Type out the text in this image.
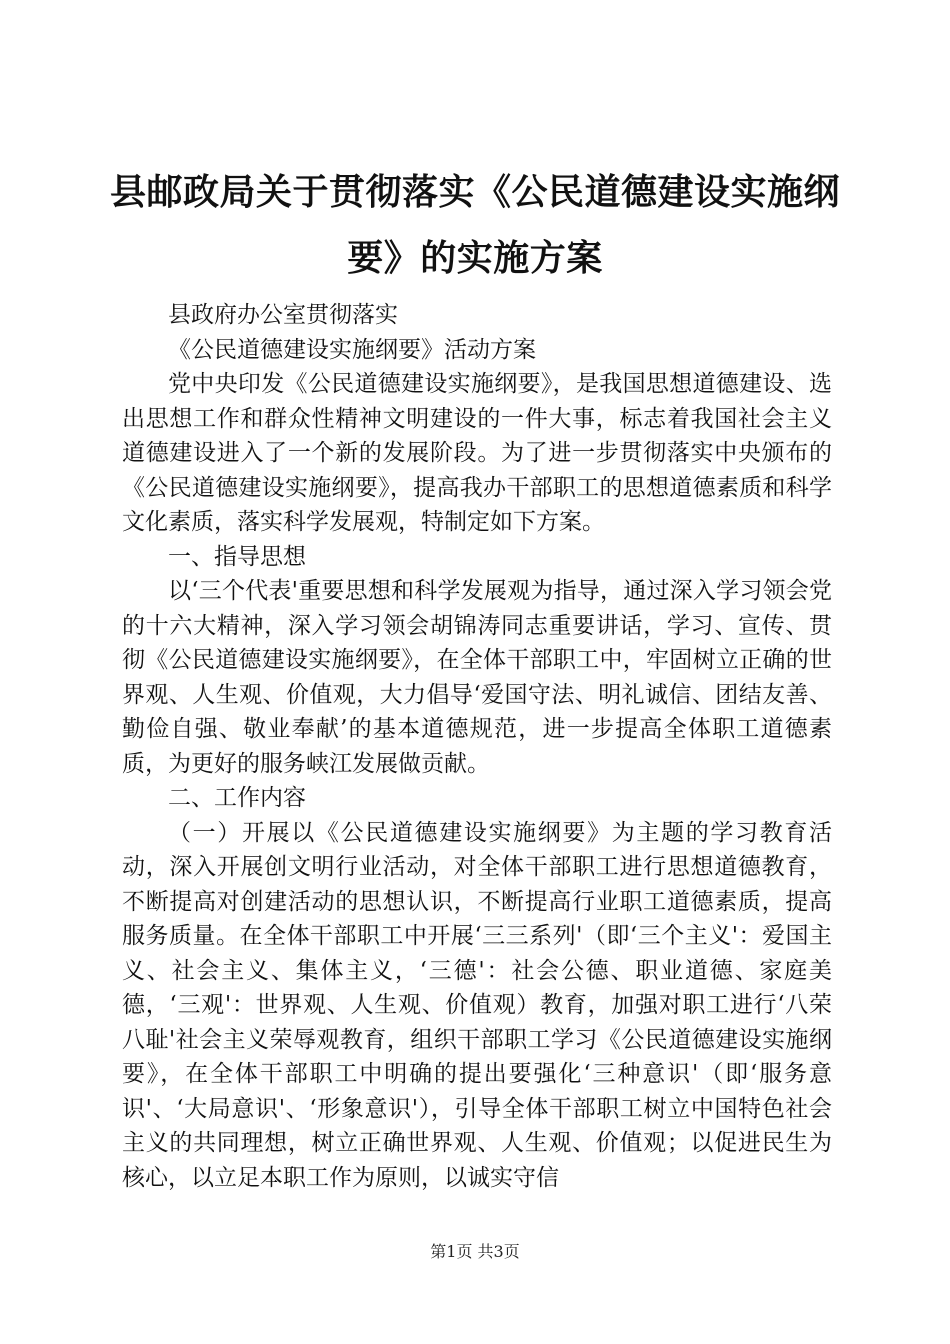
县邮政局关于贯彻落实《公民道德建设实施纲要》的实施方案

县政府办公室贯彻落实

《公民道德建设实施纲要》活动方案

党中央印发《公民道德建设实施纲要》，是我国思想道德建设、选出思想工作和群众性精神文明建设的一件大事，标志着我国社会主义道德建设进入了一个新的发展阶段。为了进一步贯彻落实中央颁布的《公民道德建设实施纲要》，提高我办干部职工的思想道德素质和科学文化素质，落实科学发展观，特制定如下方案。

一、指导思想

以‘三个代表'重要思想和科学发展观为指导，通过深入学习领会党的十六大精神，深入学习领会胡锦涛同志重要讲话，学习、宣传、贯彻《公民道德建设实施纲要》，在全体干部职工中，牢固树立正确的世界观、人生观、价值观，大力倡导‘爱国守法、明礼诚信、团结友善、勤俭自强、敬业奉献’的基本道德规范，进一步提高全体职工道德素质，为更好的服务峡江发展做贡献。

二、工作内容

（一）开展以《公民道德建设实施纲要》为主题的学习教育活动，深入开展创文明行业活动，对全体干部职工进行思想道德教育，不断提高对创建活动的思想认识，不断提高行业职工道德素质，提高服务质量。在全体干部职工中开展‘三三系列'（即‘三个主义'：爱国主义、社会主义、集体主义，‘三德'：社会公德、职业道德、家庭美德，‘三观'：世界观、人生观、价值观）教育，加强对职工进行‘八荣八耻'社会主义荣辱观教育，组织干部职工学习《公民道德建设实施纲要》，在全体干部职工中明确的提出要强化‘三种意识'（即‘服务意识'、‘大局意识'、‘形象意识'），引导全体干部职工树立中国特色社会主义的共同理想，树立正确世界观、人生观、价值观；以促进民生为核心，以立足本职工作为原则，以诚实守信

第1页 共3页
